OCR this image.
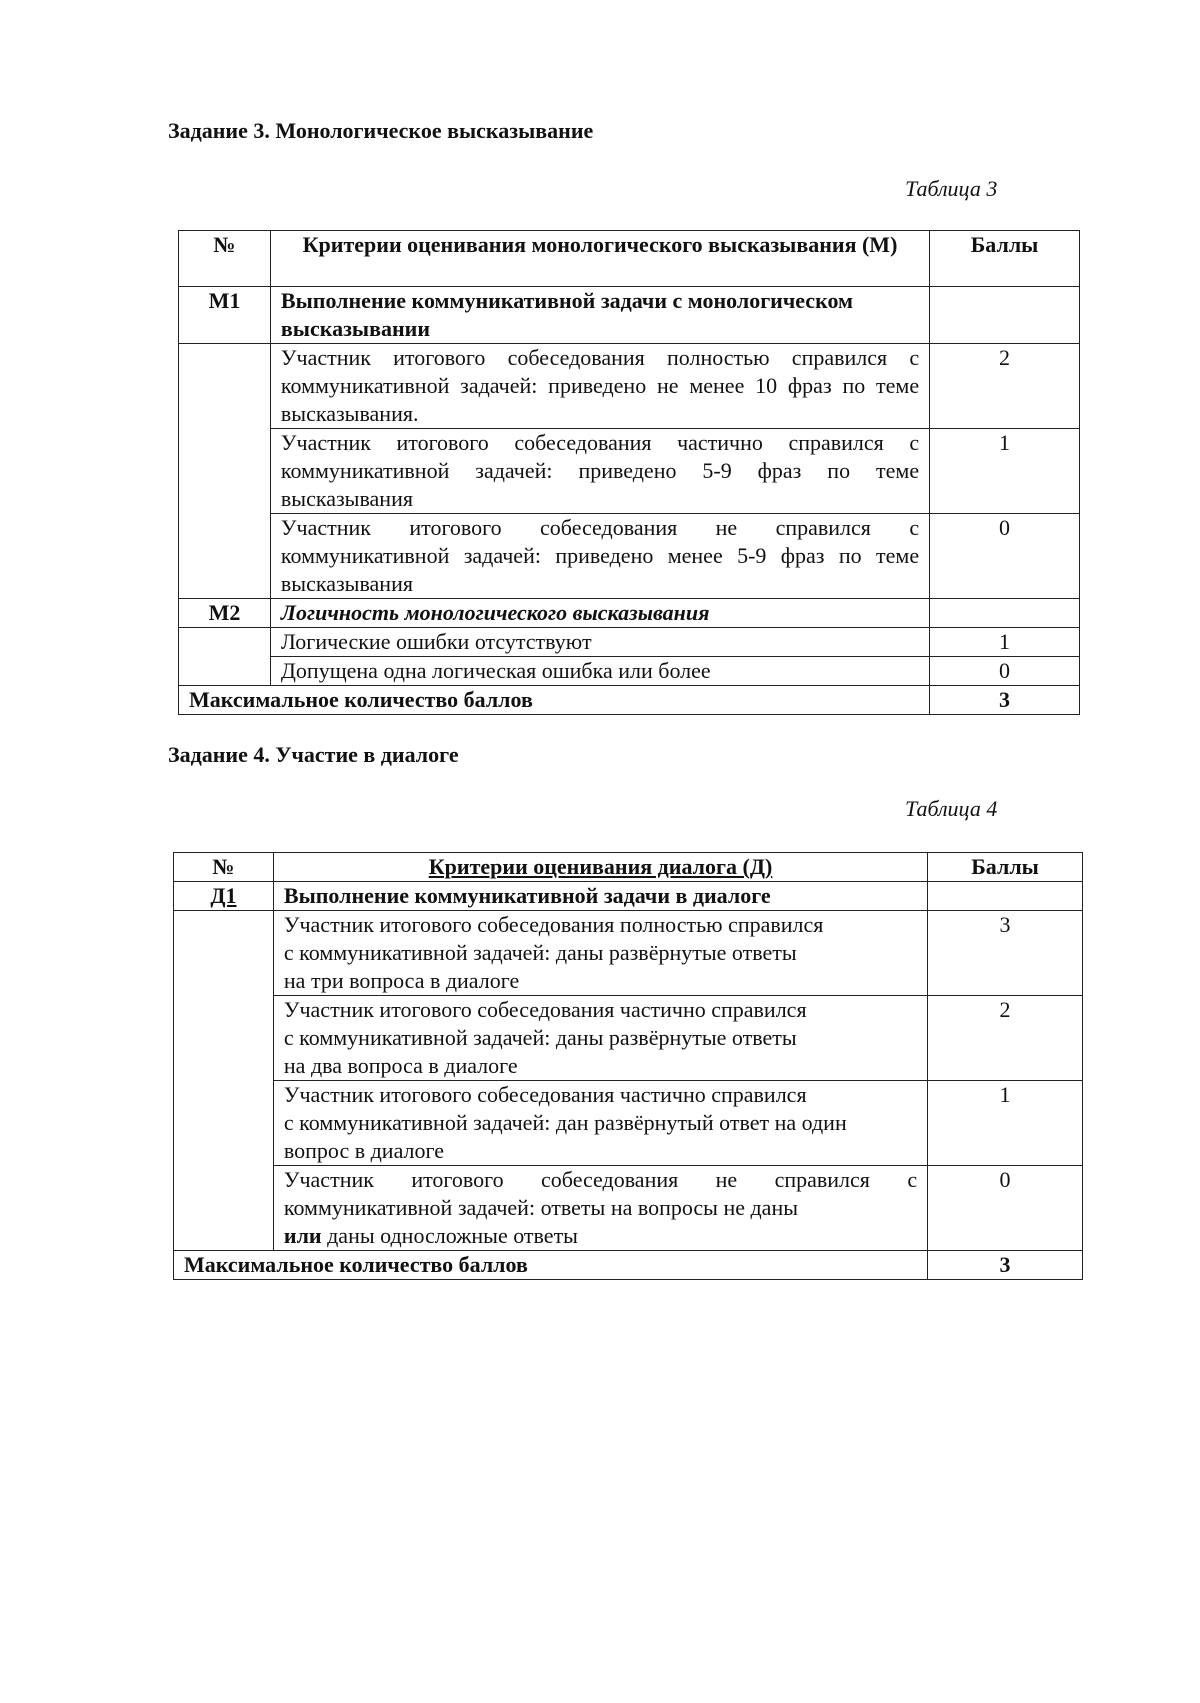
Задание 3. Монологическое высказывание

Таблица 3

№	Критерии оценивания монологического высказывания (М)	Баллы
М1	Выполнение коммуникативной задачи с монологическом высказывании	
	Участник итогового собеседования полностью справился с коммуникативной задачей: приведено не менее 10 фраз по теме высказывания.	2
	Участник итогового собеседования частично справился с коммуникативной задачей: приведено 5-9 фраз по теме высказывания	1
	Участник итогового собеседования не справился с коммуникативной задачей: приведено менее 5-9 фраз по теме высказывания	0
М2	Логичность монологического высказывания	
	Логические ошибки отсутствуют	1
	Допущена одна логическая ошибка или более	0
Максимальное количество баллов		3
Задание 4. Участие в диалоге

Таблица 4

№	Критерии оценивания диалога (Д)	Баллы
Д1	Выполнение коммуникативной задачи в диалоге	

	Участник итогового собеседования полностью справился
с коммуникативной задачей: даны развёрнутые ответы
на три вопроса в диалоге	3

	Участник итогового собеседования частично справился
с коммуникативной задачей: даны развёрнутые ответы
на два вопроса в диалоге	2

	Участник итогового собеседования частично справился
с коммуникативной задачей: дан развёрнутый ответ на один
вопрос в диалоге	1

	Участник итогового собеседования не справился с
коммуникативной задачей: ответы на вопросы не даны
или даны односложные ответы	0
Максимальное количество баллов		3
